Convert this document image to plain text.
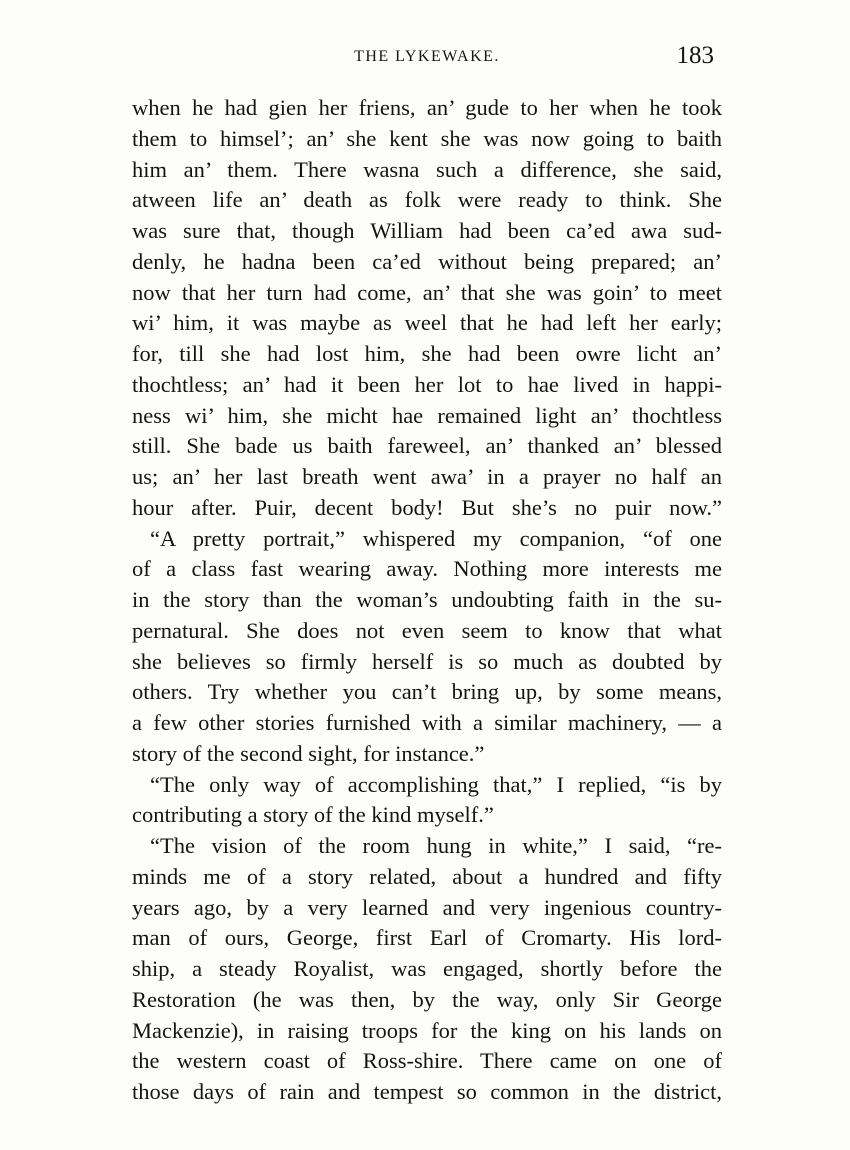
THE LYKEWAKE.	183
when he had gien her friens, an’ gude to her when he took
them to himsel’; an’ she kent she was now going to baith
him an’ them. There wasna such a difference, she said,
atween life an’ death as folk were ready to think. She
was sure that, though William had been ca’ed awa sud-
denly, he hadna been ca’ed without being prepared; an’
now that her turn had come, an’ that she was goin’ to meet
wi’ him, it was maybe as weel that he had left her early;
for, till she had lost him, she had been owre licht an’
thochtless; an’ had it been her lot to hae lived in happi-
ness wi’ him, she micht hae remained light an’ thochtless
still. She bade us baith fareweel, an’ thanked an’ blessed
us; an’ her last breath went awa’ in a prayer no half an
hour after. Puir, decent body! But she’s no puir now.”
“A pretty portrait,” whispered my companion, “of one
of a class fast wearing away. Nothing more interests me
in the story than the woman’s undoubting faith in the su-
pernatural. She does not even seem to know that what
she believes so firmly herself is so much as doubted by
others. Try whether you can’t bring up, by some means,
a few other stories furnished with a similar machinery, — a
story of the second sight, for instance.”
“The only way of accomplishing that,” I replied, “is by
contributing a story of the kind myself.”
“The vision of the room hung in white,” I said, “re-
minds me of a story related, about a hundred and fifty
years ago, by a very learned and very ingenious country-
man of ours, George, first Earl of Cromarty. His lord-
ship, a steady Royalist, was engaged, shortly before the
Restoration (he was then, by the way, only Sir George
Mackenzie), in raising troops for the king on his lands on
the western coast of Ross-shire. There came on one of
those days of rain and tempest so common in the district,
